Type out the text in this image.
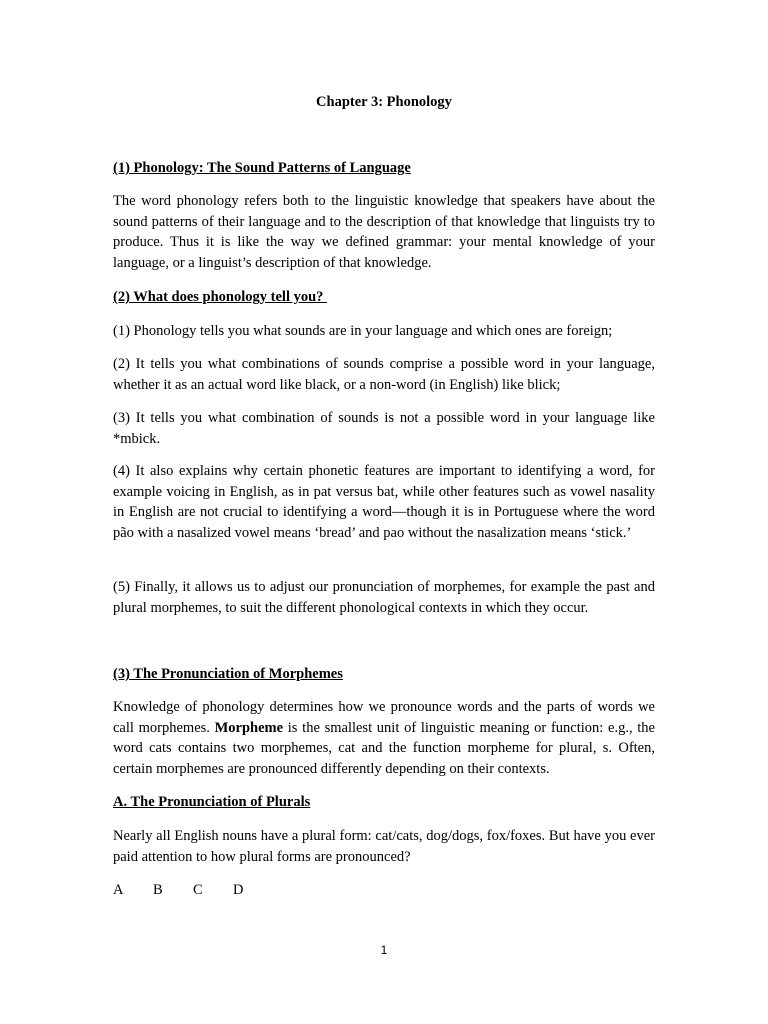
Chapter 3: Phonology
(1) Phonology: The Sound Patterns of Language
The word phonology refers both to the linguistic knowledge that speakers have about the sound patterns of their language and to the description of that knowledge that linguists try to produce. Thus it is like the way we defined grammar: your mental knowledge of your language, or a linguist’s description of that knowledge.
(2) What does phonology tell you?
(1) Phonology tells you what sounds are in your language and which ones are foreign;
(2) It tells you what combinations of sounds comprise a possible word in your language, whether it as an actual word like black, or a non-word (in English) like blick;
(3) It tells you what combination of sounds is not a possible word in your language like *mbick.
(4) It also explains why certain phonetic features are important to identifying a word, for example voicing in English, as in pat versus bat, while other features such as vowel nasality in English are not crucial to identifying a word—though it is in Portuguese where the word pão with a nasalized vowel means ‘bread’ and pao without the nasalization means ‘stick.’
(5) Finally, it allows us to adjust our pronunciation of morphemes, for example the past and plural morphemes, to suit the different phonological contexts in which they occur.
(3) The Pronunciation of Morphemes
Knowledge of phonology determines how we pronounce words and the parts of words we call morphemes. Morpheme is the smallest unit of linguistic meaning or function: e.g., the word cats contains two morphemes, cat and the function morpheme for plural, s. Often, certain morphemes are pronounced differently depending on their contexts.
A. The Pronunciation of Plurals
Nearly all English nouns have a plural form: cat/cats, dog/dogs, fox/foxes. But have you ever paid attention to how plural forms are pronounced?
A	B	C	D
1
